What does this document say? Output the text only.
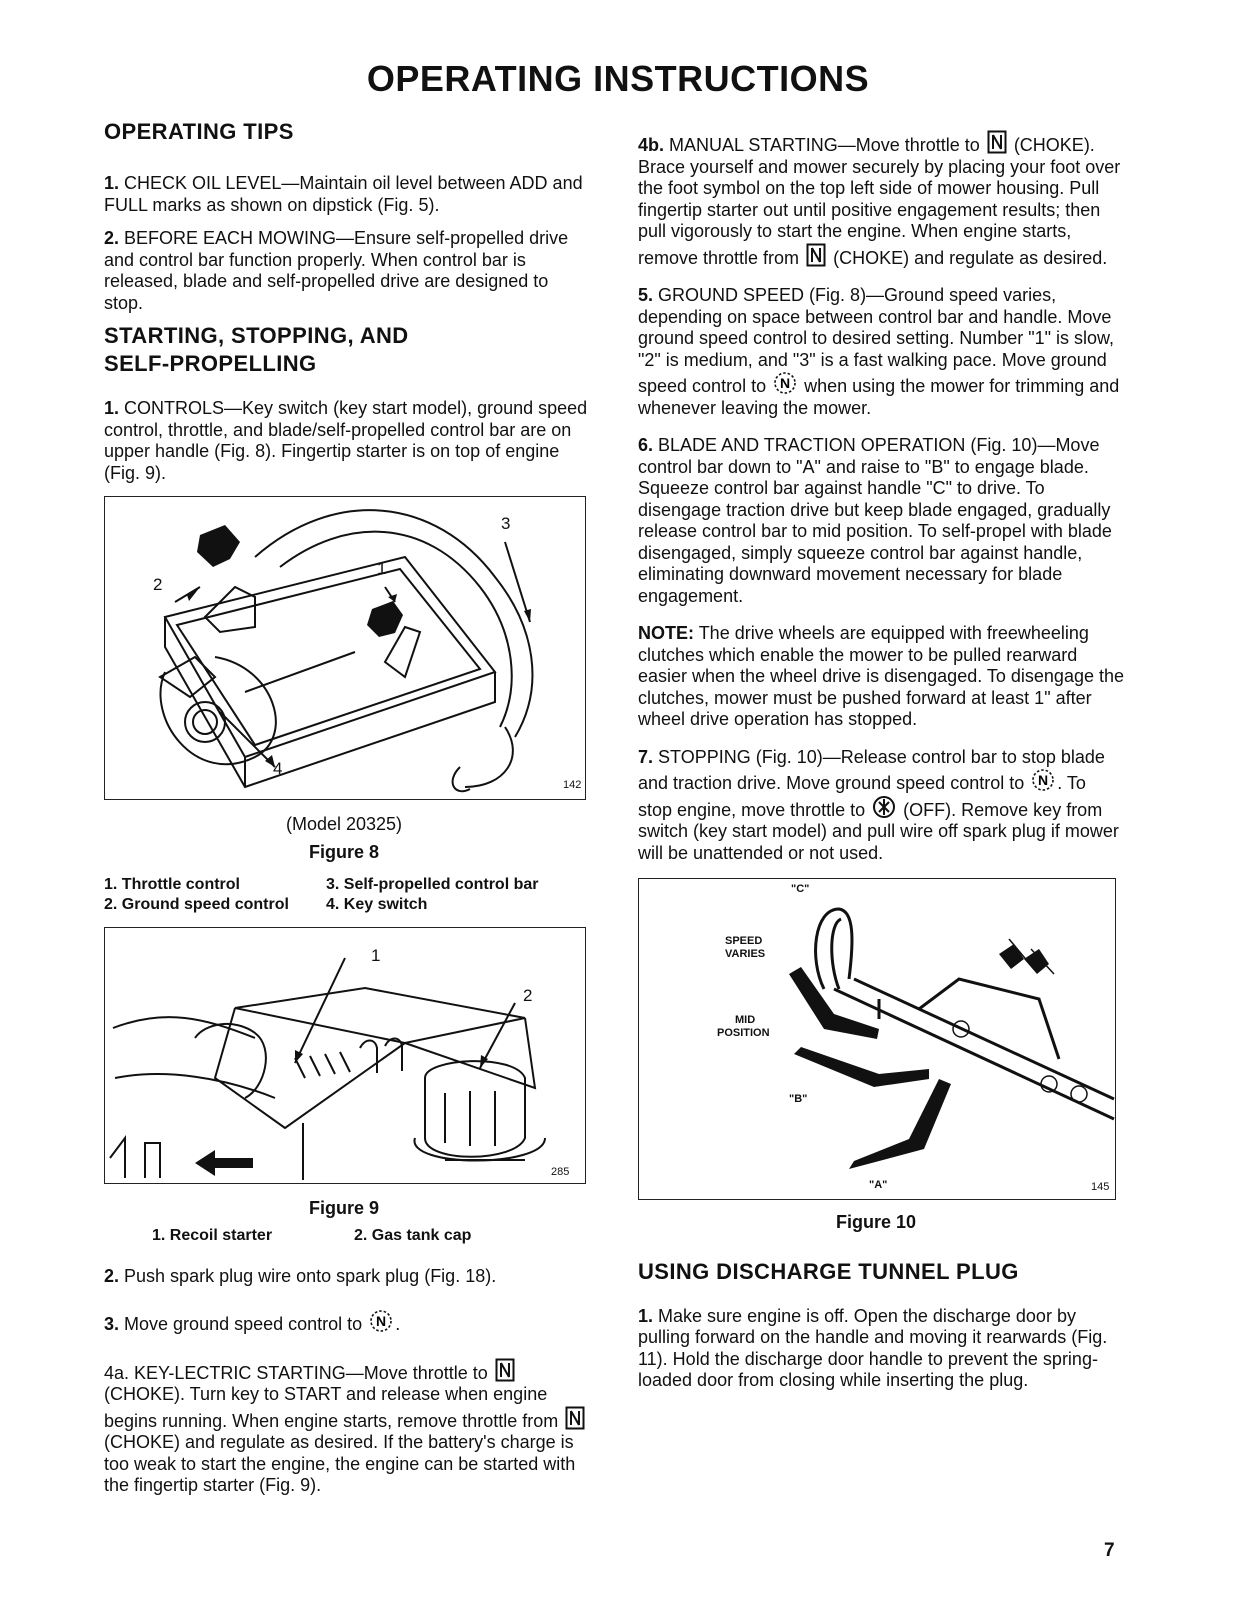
OPERATING INSTRUCTIONS
OPERATING TIPS

1. CHECK OIL LEVEL—Maintain oil level between ADD and FULL marks as shown on dipstick (Fig. 5).

2. BEFORE EACH MOWING—Ensure self-propelled drive and control bar function properly. When control bar is released, blade and self-propelled drive are designed to stop.

STARTING, STOPPING, AND
SELF-PROPELLING

1. CONTROLS—Key switch (key start model), ground speed control, throttle, and blade/self-propelled control bar are on upper handle (Fig. 8). Fingertip starter is on top of engine (Fig. 9).

3
1
2
4
142

(Model 20325)

Figure 8

1. Throttle control	3. Self-propelled control bar
2. Ground speed control	4. Key switch
1
2
285

Figure 9

1. Recoil starter	2. Gas tank cap

2. Push spark plug wire onto spark plug (Fig. 18).

3. Move ground speed control to N .

4a. KEY-LECTRIC STARTING—Move throttle to  (CHOKE). Turn key to START and release when engine begins running. When engine starts, remove throttle from  (CHOKE) and regulate as desired. If the battery's charge is too weak to start the engine, the engine can be started with the fingertip starter (Fig. 9).

4b. MANUAL STARTING—Move throttle to (CHOKE). Brace yourself and mower securely by placing your foot over the foot symbol on the top left side of mower housing. Pull fingertip starter out until positive engagement results; then pull vigorously to start the engine. When engine starts, remove throttle from (CHOKE) and regulate as desired.

5. GROUND SPEED (Fig. 8)—Ground speed varies, depending on space between control bar and handle. Move ground speed control to desired setting. Number "1" is slow, "2" is medium, and "3" is a fast walking pace. Move ground speed control to N when using the mower for trimming and whenever leaving the mower.

6. BLADE AND TRACTION OPERATION (Fig. 10)—Move control bar down to "A" and raise to "B" to engage blade. Squeeze control bar against handle "C" to drive. To disengage traction drive but keep blade engaged, gradually release control bar to mid position. To self-propel with blade disengaged, simply squeeze control bar against handle, eliminating downward movement necessary for blade engagement.

NOTE: The drive wheels are equipped with freewheeling clutches which enable the mower to be pulled rearward easier when the wheel drive is disengaged. To disengage the clutches, mower must be pushed forward at least 1" after wheel drive operation has stopped.

7. STOPPING (Fig. 10)—Release control bar to stop blade and traction drive. Move ground speed control to N . To stop engine, move throttle to (OFF). Remove key from switch (key start model) and pull wire off spark plug if mower will be unattended or not used.

"C"
SPEED
VARIES
MID
POSITION
"B"
"A"	145

Figure 10

USING DISCHARGE TUNNEL PLUG

1. Make sure engine is off. Open the discharge door by pulling forward on the handle and moving it rearwards (Fig. 11). Hold the discharge door handle to prevent the spring-loaded door from closing while inserting the plug.

7
